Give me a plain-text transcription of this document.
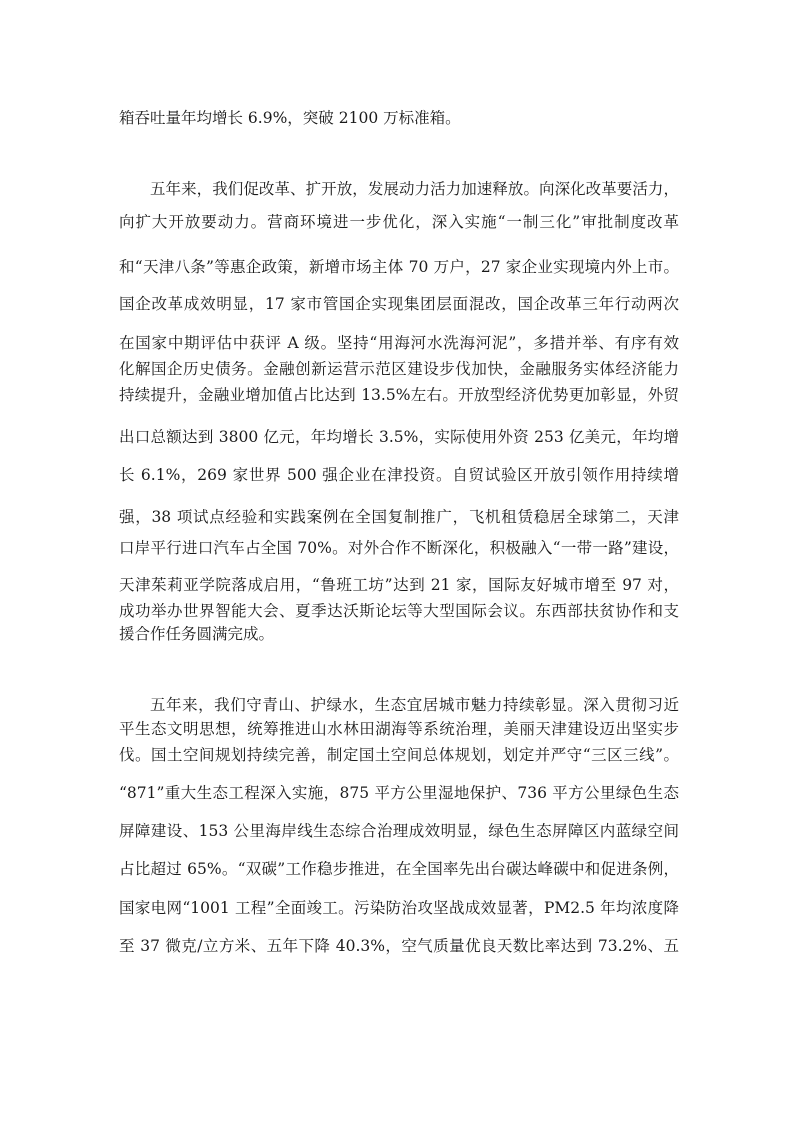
箱吞吐量年均增长 6.9%，突破 2100 万标准箱。
五年来，我们促改革、扩开放，发展动力活力加速释放。向深化改革要活力，
向扩大开放要动力。营商环境进一步优化，深入实施“一制三化”审批制度改革
和“天津八条”等惠企政策，新增市场主体 70 万户，27 家企业实现境内外上市。
国企改革成效明显，17 家市管国企实现集团层面混改，国企改革三年行动两次
在国家中期评估中获评 A 级。坚持“用海河水洗海河泥”，多措并举、有序有效
化解国企历史债务。金融创新运营示范区建设步伐加快，金融服务实体经济能力
持续提升，金融业增加值占比达到 13.5%左右。开放型经济优势更加彰显，外贸
出口总额达到 3800 亿元，年均增长 3.5%，实际使用外资 253 亿美元，年均增
长 6.1%，269 家世界 500 强企业在津投资。自贸试验区开放引领作用持续增
强，38 项试点经验和实践案例在全国复制推广，飞机租赁稳居全球第二，天津
口岸平行进口汽车占全国 70%。对外合作不断深化，积极融入“一带一路”建设，
天津茱莉亚学院落成启用，“鲁班工坊”达到 21 家，国际友好城市增至 97 对，
成功举办世界智能大会、夏季达沃斯论坛等大型国际会议。东西部扶贫协作和支
援合作任务圆满完成。
五年来，我们守青山、护绿水，生态宜居城市魅力持续彰显。深入贯彻习近
平生态文明思想，统筹推进山水林田湖海等系统治理，美丽天津建设迈出坚实步
伐。国土空间规划持续完善，制定国土空间总体规划，划定并严守“三区三线”。
“871”重大生态工程深入实施，875 平方公里湿地保护、736 平方公里绿色生态
屏障建设、153 公里海岸线生态综合治理成效明显，绿色生态屏障区内蓝绿空间
占比超过 65%。“双碳”工作稳步推进，在全国率先出台碳达峰碳中和促进条例，
国家电网“1001 工程”全面竣工。污染防治攻坚战成效显著，PM2.5 年均浓度降
至 37 微克/立方米、五年下降 40.3%，空气质量优良天数比率达到 73.2%、五
